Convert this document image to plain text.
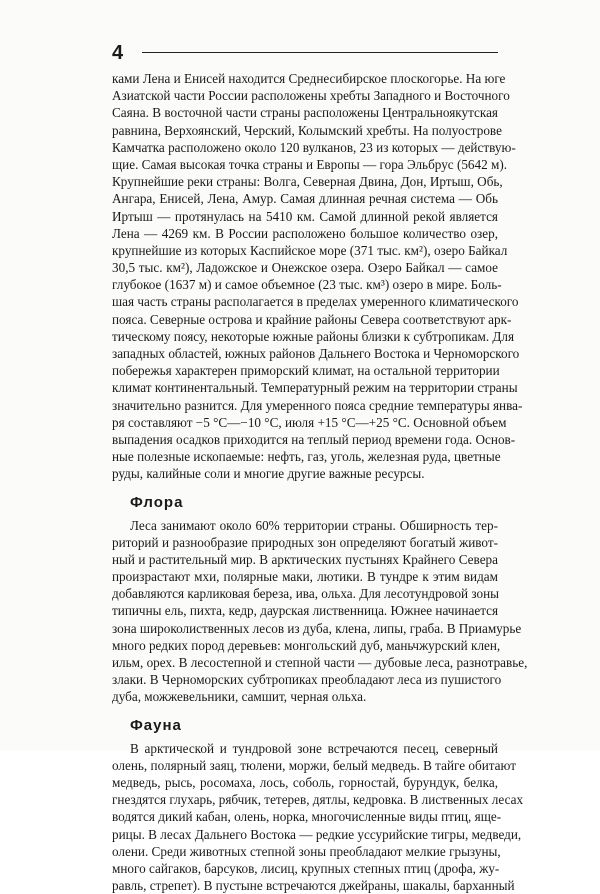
4
ками Лена и Енисей находится Среднесибирское плоскогорье. На юге
Азиатской части России расположены хребты Западного и Восточного
Саяна. В восточной части страны расположены Центральноякутская
равнина, Верхоянский, Черский, Колымский хребты. На полуострове
Камчатка расположено около 120 вулканов, 23 из которых — действую-
щие. Самая высокая точка страны и Европы — гора Эльбрус (5642 м).
Крупнейшие реки страны: Волга, Северная Двина, Дон, Иртыш, Обь,
Ангара, Енисей, Лена, Амур. Самая длинная речная система — Обь
Иртыш — протянулась на 5410 км. Самой длинной рекой является
Лена — 4269 км. В России расположено большое количество озер,
крупнейшие из которых Каспийское море (371 тыс. км²), озеро Байкал
30,5 тыс. км²), Ладожское и Онежское озера. Озеро Байкал — самое
глубокое (1637 м) и самое объемное (23 тыс. км³) озеро в мире. Боль-
шая часть страны располагается в пределах умеренного климатического
пояса. Северные острова и крайние районы Севера соответствуют арк-
тическому поясу, некоторые южные районы близки к субтропикам. Для
западных областей, южных районов Дальнего Востока и Черноморского
побережья характерен приморский климат, на остальной территории
климат континентальный. Температурный режим на территории страны
значительно разнится. Для умеренного пояса средние температуры янва-
ря составляют −5 °С—−10 °С, июля +15 °С—+25 °С. Основной объем
выпадения осадков приходится на теплый период времени года. Основ-
ные полезные ископаемые: нефть, газ, уголь, железная руда, цветные
руды, калийные соли и многие другие важные ресурсы.
Флора
Леса занимают около 60% территории страны. Обширность тер-
риторий и разнообразие природных зон определяют богатый живот-
ный и растительный мир. В арктических пустынях Крайнего Севера
произрастают мхи, полярные маки, лютики. В тундре к этим видам
добавляются карликовая береза, ива, ольха. Для лесотундровой зоны
типичны ель, пихта, кедр, даурская лиственница. Южнее начинается
зона широколиственных лесов из дуба, клена, липы, граба. В Приамурье
много редких пород деревьев: монгольский дуб, маньчжурский клен,
ильм, орех. В лесостепной и степной части — дубовые леса, разнотравье,
злаки. В Черноморских субтропиках преобладают леса из пушистого
дуба, можжевельники, самшит, черная ольха.
Фауна
В арктической и тундровой зоне встречаются песец, северный
олень, полярный заяц, тюлени, моржи, белый медведь. В тайге обитают
медведь, рысь, росомаха, лось, соболь, горностай, бурундук, белка,
гнездятся глухарь, рябчик, тетерев, дятлы, кедровка. В лиственных лесах
водятся дикий кабан, олень, норка, многочисленные виды птиц, яще-
рицы. В лесах Дальнего Востока — редкие уссурийские тигры, медведи,
олени. Среди животных степной зоны преобладают мелкие грызуны,
много сайгаков, барсуков, лисиц, крупных степных птиц (дрофа, жу-
равль, стрепет). В пустыне встречаются джейраны, шакалы, барханный
